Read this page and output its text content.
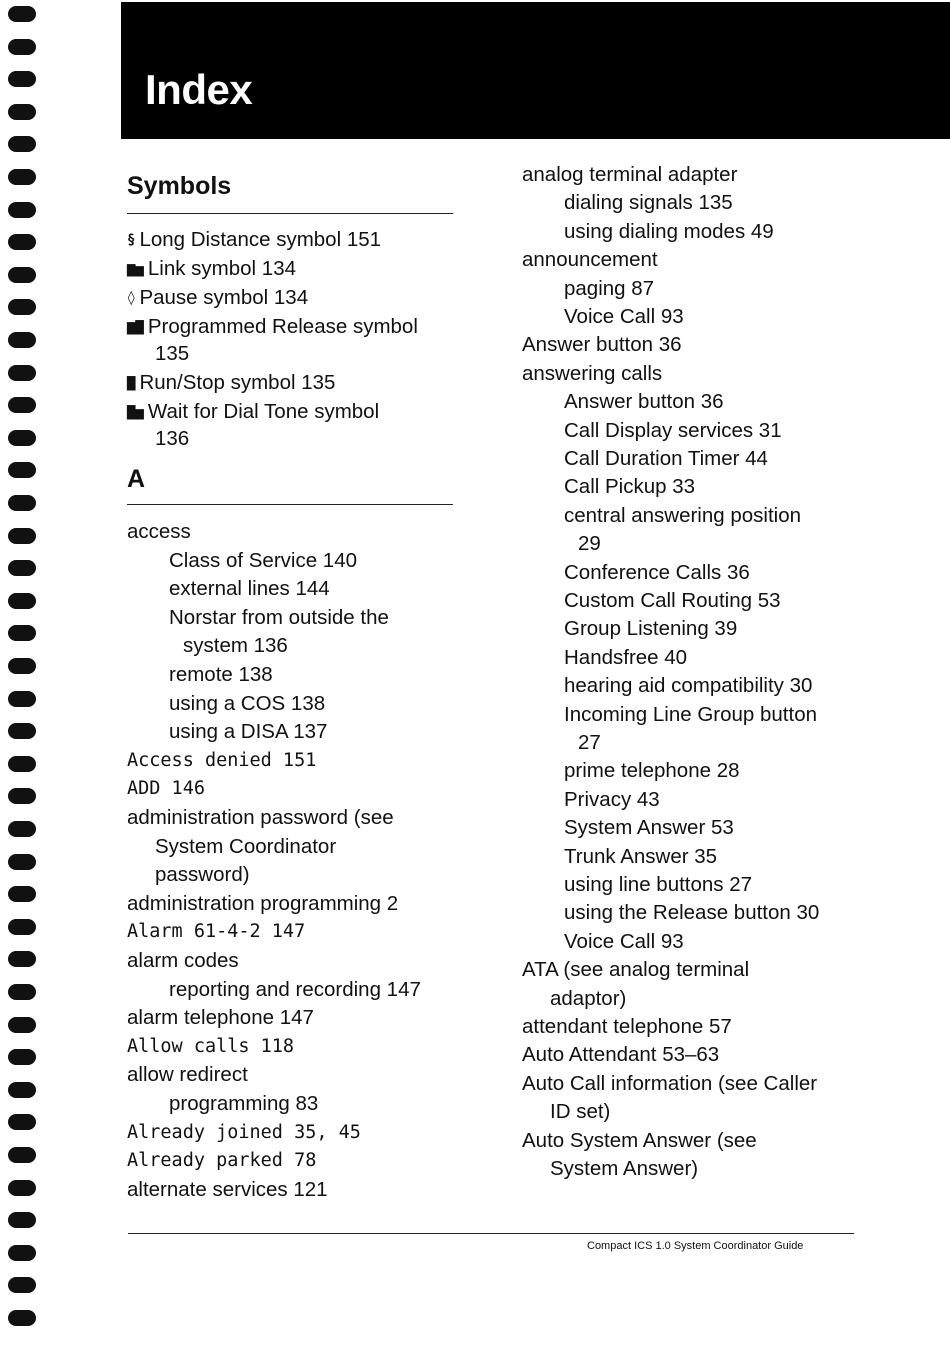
Index
Symbols
§ Long Distance symbol 151
▆▅ Link symbol 134
◊ Pause symbol 134
▆▇ Programmed Release symbol
135
▇ Run/Stop symbol 135
▇▅ Wait for Dial Tone symbol
136
A
access
Class of Service 140
external lines 144
Norstar from outside the
system 136
remote 138
using a COS 138
using a DISA 137
Access denied 151
ADD 146
administration password (see
System Coordinator
password)
administration programming 2
Alarm 61-4-2 147
alarm codes
reporting and recording 147
alarm telephone 147
Allow calls 118
allow redirect
programming 83
Already joined 35, 45
Already parked 78
alternate services 121
analog terminal adapter
dialing signals 135
using dialing modes 49
announcement
paging 87
Voice Call 93
Answer button 36
answering calls
Answer button 36
Call Display services 31
Call Duration Timer 44
Call Pickup 33
central answering position
29
Conference Calls 36
Custom Call Routing 53
Group Listening 39
Handsfree 40
hearing aid compatibility 30
Incoming Line Group button
27
prime telephone 28
Privacy 43
System Answer 53
Trunk Answer 35
using line buttons 27
using the Release button 30
Voice Call 93
ATA (see analog terminal
adaptor)
attendant telephone 57
Auto Attendant 53–63
Auto Call information (see Caller
ID set)
Auto System Answer (see
System Answer)
Compact ICS 1.0 System Coordinator Guide
